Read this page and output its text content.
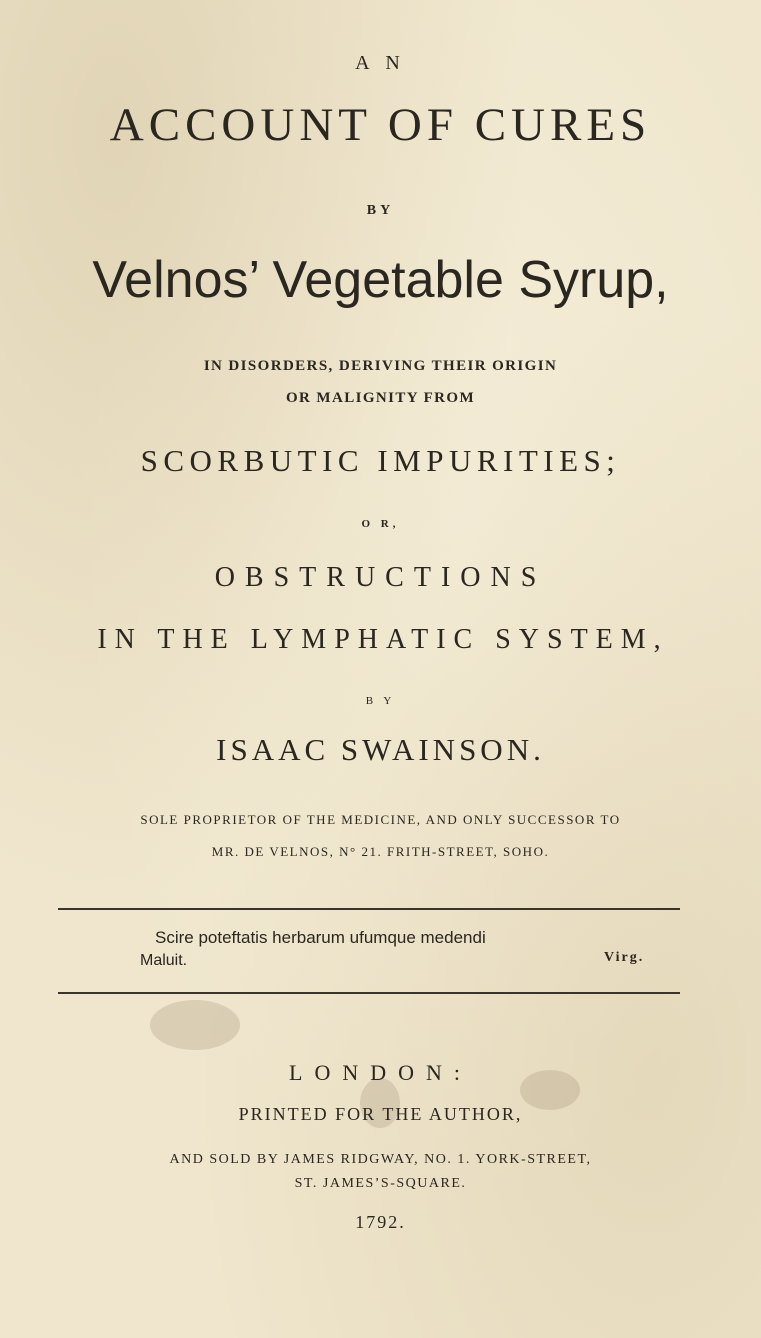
A N
ACCOUNT OF CURES
BY
Velnos’ Vegetable Syrup,
IN DISORDERS, DERIVING THEIR ORIGIN
OR MALIGNITY FROM
SCORBUTIC IMPURITIES;
O R,
OBSTRUCTIONS
IN THE LYMPHATIC SYSTEM,
B Y
ISAAC SWAINSON.
SOLE PROPRIETOR OF THE MEDICINE, AND ONLY SUCCESSOR TO
MR. DE VELNOS, N° 21. FRITH-STREET, SOHO.
Scire poteftatis herbarum ufumque medendi
Maluit.	Virg.
LONDON:
PRINTED FOR THE AUTHOR,
AND SOLD BY JAMES RIDGWAY, NO. 1. YORK-STREET,
ST. JAMES’S-SQUARE.
1792.
